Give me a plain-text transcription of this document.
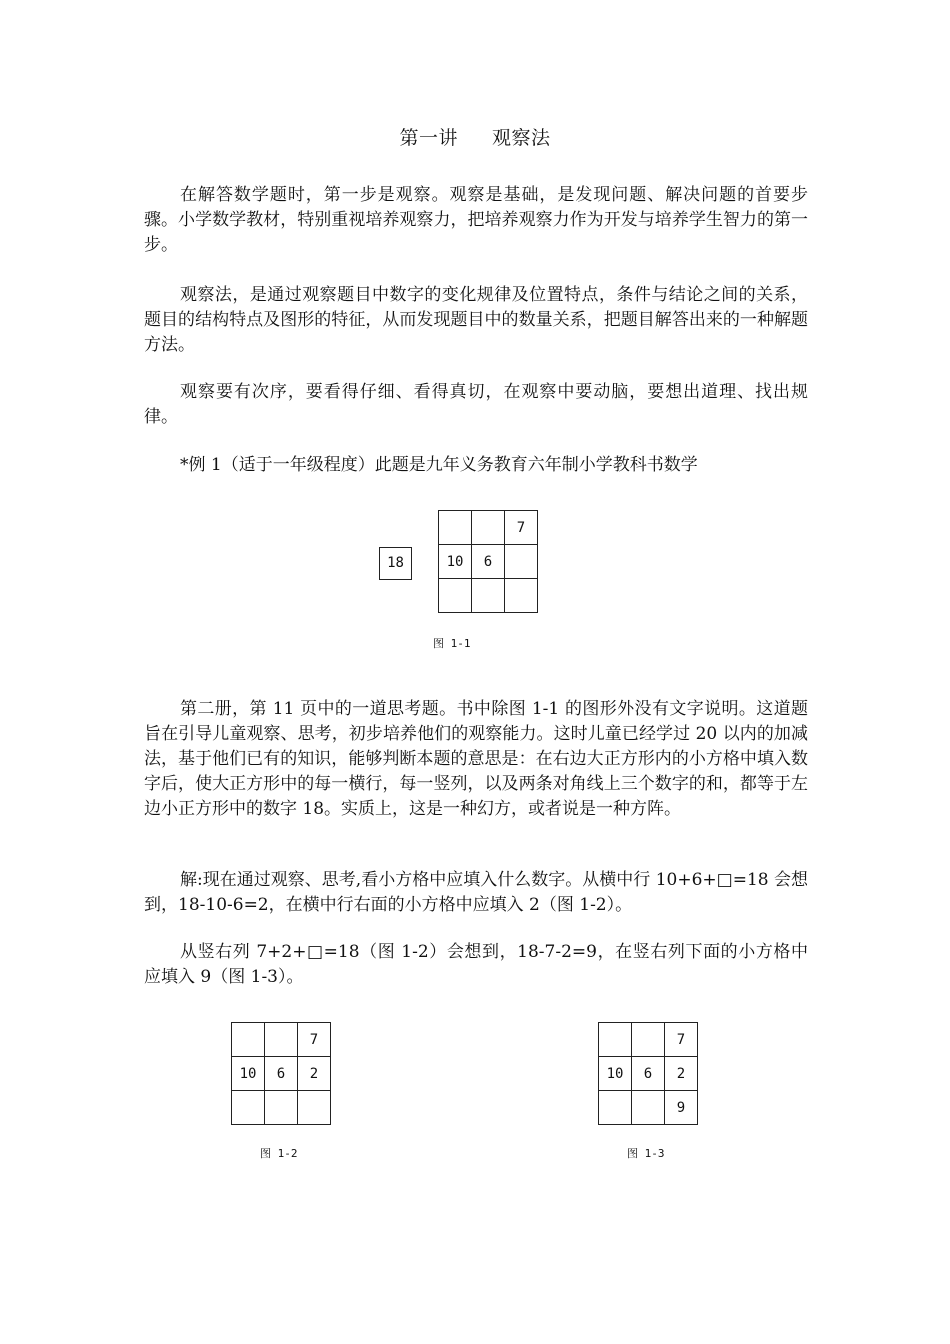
第一讲 观察法

在解答数学题时，第一步是观察。观察是基础，是发现问题、解决问题的首要步骤。小学数学教材，特别重视培养观察力，把培养观察力作为开发与培养学生智力的第一步。

观察法，是通过观察题目中数字的变化规律及位置特点，条件与结论之间的关系，题目的结构特点及图形的特征，从而发现题目中的数量关系，把题目解答出来的一种解题方法。

观察要有次序，要看得仔细、看得真切，在观察中要动脑，要想出道理、找出规律。

*例 1（适于一年级程度）此题是九年义务教育六年制小学教科书数学

18
		7
10	6	

图 1-1

第二册，第 11 页中的一道思考题。书中除图 1-1 的图形外没有文字说明。这道题旨在引导儿童观察、思考，初步培养他们的观察能力。这时儿童已经学过 20 以内的加减法，基于他们已有的知识，能够判断本题的意思是：在右边大正方形内的小方格中填入数字后，使大正方形中的每一横行，每一竖列，以及两条对角线上三个数字的和，都等于左边小正方形中的数字 18。实质上，这是一种幻方，或者说是一种方阵。

解:现在通过观察、思考,看小方格中应填入什么数字。从横中行 10+6+□=18 会想到，18-10-6=2，在横中行右面的小方格中应填入 2（图 1-2）。

从竖右列 7+2+□=18（图 1-2）会想到，18-7-2=9，在竖右列下面的小方格中应填入 9（图 1-3）。

		7
10	6	2

图 1-2
		7
10	6	2
		9
图 1-3
